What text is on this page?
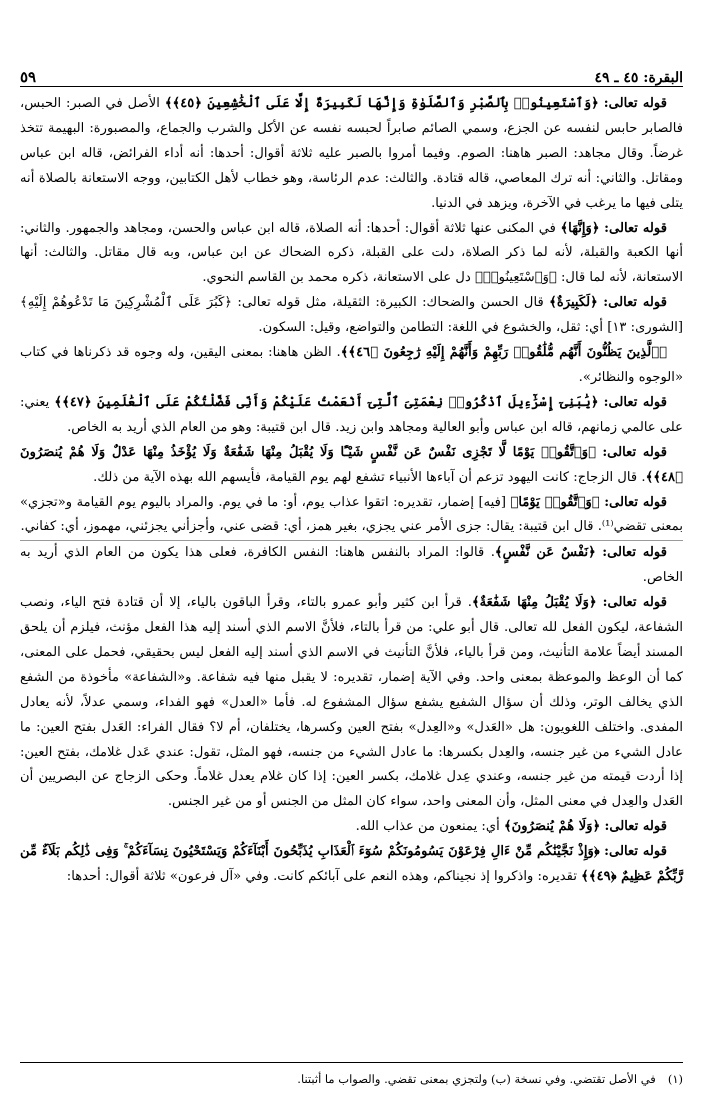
٥٩	البقرة: ٤٥ ـ ٤٩

قوله تعالى: ﴿وَٱسْتَعِينُوا۟ بِٱلصَّبْرِ وَٱلصَّلَوٰةِ وَإِنَّهَا لَكَبِيرَةٌ إِلَّا عَلَى ٱلْخَٰشِعِينَ ﴿٤٥﴾﴾ الأصل في الصبر: الحبس، فالصابر حابس لنفسه عن الجزع، وسمي الصائم صابراً لحبسه نفسه عن الأكل والشرب والجماع، والمصبورة: البهيمة تتخذ غرضاً. وقال مجاهد: الصبر هاهنا: الصوم. وفيما أمروا بالصبر عليه ثلاثة أقوال: أحدها: أنه أداء الفرائض، قاله ابن عباس ومقاتل. والثاني: أنه ترك المعاصي، قاله قتادة. والثالث: عدم الرئاسة، وهو خطاب لأهل الكتابين، ووجه الاستعانة بالصلاة أنه يتلى فيها ما يرغب في الآخرة، ويزهد في الدنيا.

قوله تعالى: ﴿وَإِنَّهَا﴾ في المكنى عنها ثلاثة أقوال: أحدها: أنه الصلاة، قاله ابن عباس والحسن، ومجاهد والجمهور. والثاني: أنها الكعبة والقبلة، لأنه لما ذكر الصلاة، دلت على القبلة، ذكره الضحاك عن ابن عباس، وبه قال مقاتل. والثالث: أنها الاستعانة، لأنه لما قال: ﴿وَٱسْتَعِينُوا۟﴾ دل على الاستعانة، ذكره محمد بن القاسم النحوي.

قوله تعالى: ﴿لَكَبِيرَةٌ﴾ قال الحسن والضحاك: الكبيرة: الثقيلة، مثل قوله تعالى: ﴿كَبُرَ عَلَى ٱلْمُشْرِكِينَ مَا تَدْعُوهُمْ إِلَيْهِ﴾ [الشورى: ١٣] أي: ثقل، والخشوع في اللغة: التطامن والتواضع، وقيل: السكون.

﴿ٱلَّذِينَ يَظُنُّونَ أَنَّهُم مُّلَٰقُوا۟ رَبِّهِمْ وَأَنَّهُمْ إِلَيْهِ رَٰجِعُونَ ﴿٤٦﴾﴾. الظن هاهنا: بمعنى اليقين، وله وجوه قد ذكرناها في كتاب «الوجوه والنظائر».

قوله تعالى: ﴿يَٰبَنِىٓ إِسْرَٰٓءِيلَ ٱذْكُرُوا۟ نِعْمَتِىَ ٱلَّتِىٓ أَنْعَمْتُ عَلَيْكُمْ وَأَنِّى فَضَّلْتُكُمْ عَلَى ٱلْعَٰلَمِينَ ﴿٤٧﴾﴾ يعني: على عالمي زمانهم، قاله ابن عباس وأبو العالية ومجاهد وابن زيد. قال ابن قتيبة: وهو من العام الذي أريد به الخاص.

قوله تعالى: ﴿وَٱتَّقُوا۟ يَوْمًا لَّا تَجْزِى نَفْسٌ عَن نَّفْسٍ شَيْـًٔا وَلَا يُقْبَلُ مِنْهَا شَفَٰعَةٌ وَلَا يُؤْخَذُ مِنْهَا عَدْلٌ وَلَا هُمْ يُنصَرُونَ ﴿٤٨﴾﴾. قال الزجاج: كانت اليهود تزعم أن آباءها الأنبياء تشفع لهم يوم القيامة، فأيسهم الله بهذه الآية من ذلك.

قوله تعالى: ﴿وَٱتَّقُوا۟ يَوْمًا﴾ [فيه] إضمار، تقديره: اتقوا عذاب يوم، أو: ما في يوم. والمراد باليوم يوم القيامة و«تجزي» بمعنى تقضي⁽¹⁾. قال ابن قتيبة: يقال: جزى الأمر عني يجزي، بغير همز، أي: قضى عني، وأجزأني يجزئني، مهموز، أي: كفاني.

قوله تعالى: ﴿نَفْسٌ عَن نَّفْسٍ﴾. قالوا: المراد بالنفس هاهنا: النفس الكافرة، فعلى هذا يكون من العام الذي أريد به الخاص.

قوله تعالى: ﴿وَلَا يُقْبَلُ مِنْهَا شَفَٰعَةٌ﴾. قرأ ابن كثير وأبو عمرو بالتاء، وقرأ الباقون بالياء، إلا أن قتادة فتح الياء، ونصب الشفاعة، ليكون الفعل لله تعالى. قال أبو علي: من قرأ بالتاء، فلأنَّ الاسم الذي أسند إليه هذا الفعل مؤنث، فيلزم أن يلحق المسند أيضاً علامة التأنيث، ومن قرأ بالياء، فلأنَّ التأنيث في الاسم الذي أسند إليه الفعل ليس بحقيقي، فحمل على المعنى، كما أن الوعظ والموعظة بمعنى واحد. وفي الآية إضمار، تقديره: لا يقبل منها فيه شفاعة. و«الشفاعة» مأخوذة من الشفع الذي يخالف الوتر، وذلك أن سؤال الشفيع يشفع سؤال المشفوع له. فأما «العدل» فهو الفداء، وسمي عدلاً، لأنه يعادل المفدى. واختلف اللغويون: هل «العَدل» و«العِدل» بفتح العين وكسرها، يختلفان، أم لا؟ فقال الفراء: العَدل بفتح العين: ما عادل الشيء من غير جنسه، والعِدل بكسرها: ما عادل الشيء من جنسه، فهو المثل، تقول: عندي عَدل غلامك، بفتح العين: إذا أردت قيمته من غير جنسه، وعندي عِدل غلامك، بكسر العين: إذا كان غلام يعدل غلاماً. وحكى الزجاج عن البصريين أن العَدل والعِدل في معنى المثل، وأن المعنى واحد، سواء كان المثل من الجنس أو من غير الجنس.

قوله تعالى: ﴿وَلَا هُمْ يُنصَرُونَ﴾ أي: يمنعون من عذاب الله.

قوله تعالى: ﴿وَإِذْ نَجَّيْنَٰكُم مِّنْ ءَالِ فِرْعَوْنَ يَسُومُونَكُمْ سُوٓءَ ٱلْعَذَابِ يُذَبِّحُونَ أَبْنَآءَكُمْ وَيَسْتَحْيُونَ نِسَآءَكُمْ ۚ وَفِى ذَٰلِكُم بَلَآءٌ مِّن رَّبِّكُمْ عَظِيمٌ ﴿٤٩﴾﴾ تقديره: واذكروا إذ نجيناكم، وهذه النعم على آبائكم كانت. وفي «آل فرعون» ثلاثة أقوال: أحدها:

(١)
في الأصل تقتضي. وفي نسخة (ب) ولتجزي بمعنى تقضي. والصواب ما أثبتنا.
